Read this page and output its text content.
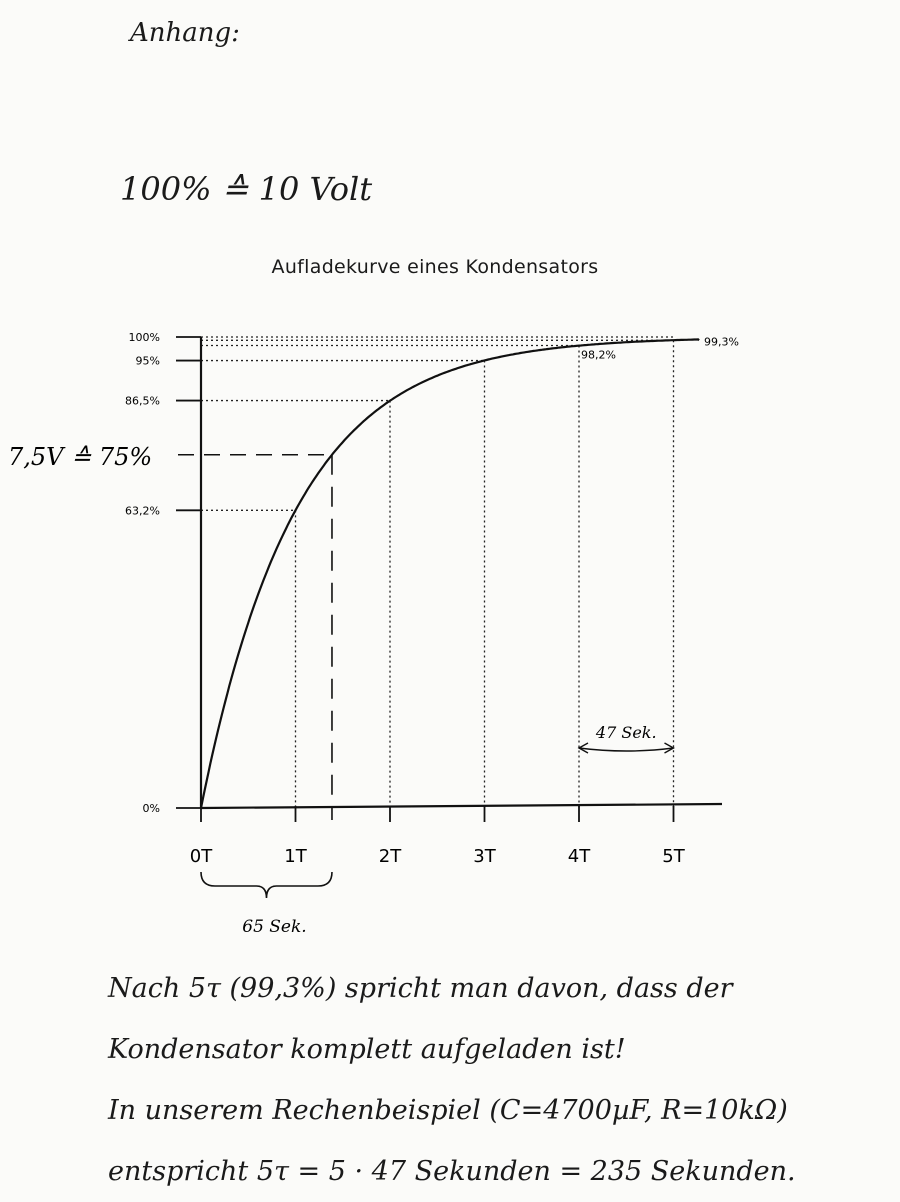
Anhang:
100% ≙ 10 Volt
Aufladekurve eines Kondensators
100%
95%
86,5%
63,2%
0%
0T	1T	2T	3T	4T	5T
98,2%
99,3%
7,5V ≙ 75%
47 Sek.
65 Sek.
Nach 5τ (99,3%) spricht man davon, dass der
Kondensator komplett aufgeladen ist!
In unserem Rechenbeispiel (C=4700µF, R=10kΩ)
entspricht 5τ = 5 · 47 Sekunden = 235 Sekunden.
